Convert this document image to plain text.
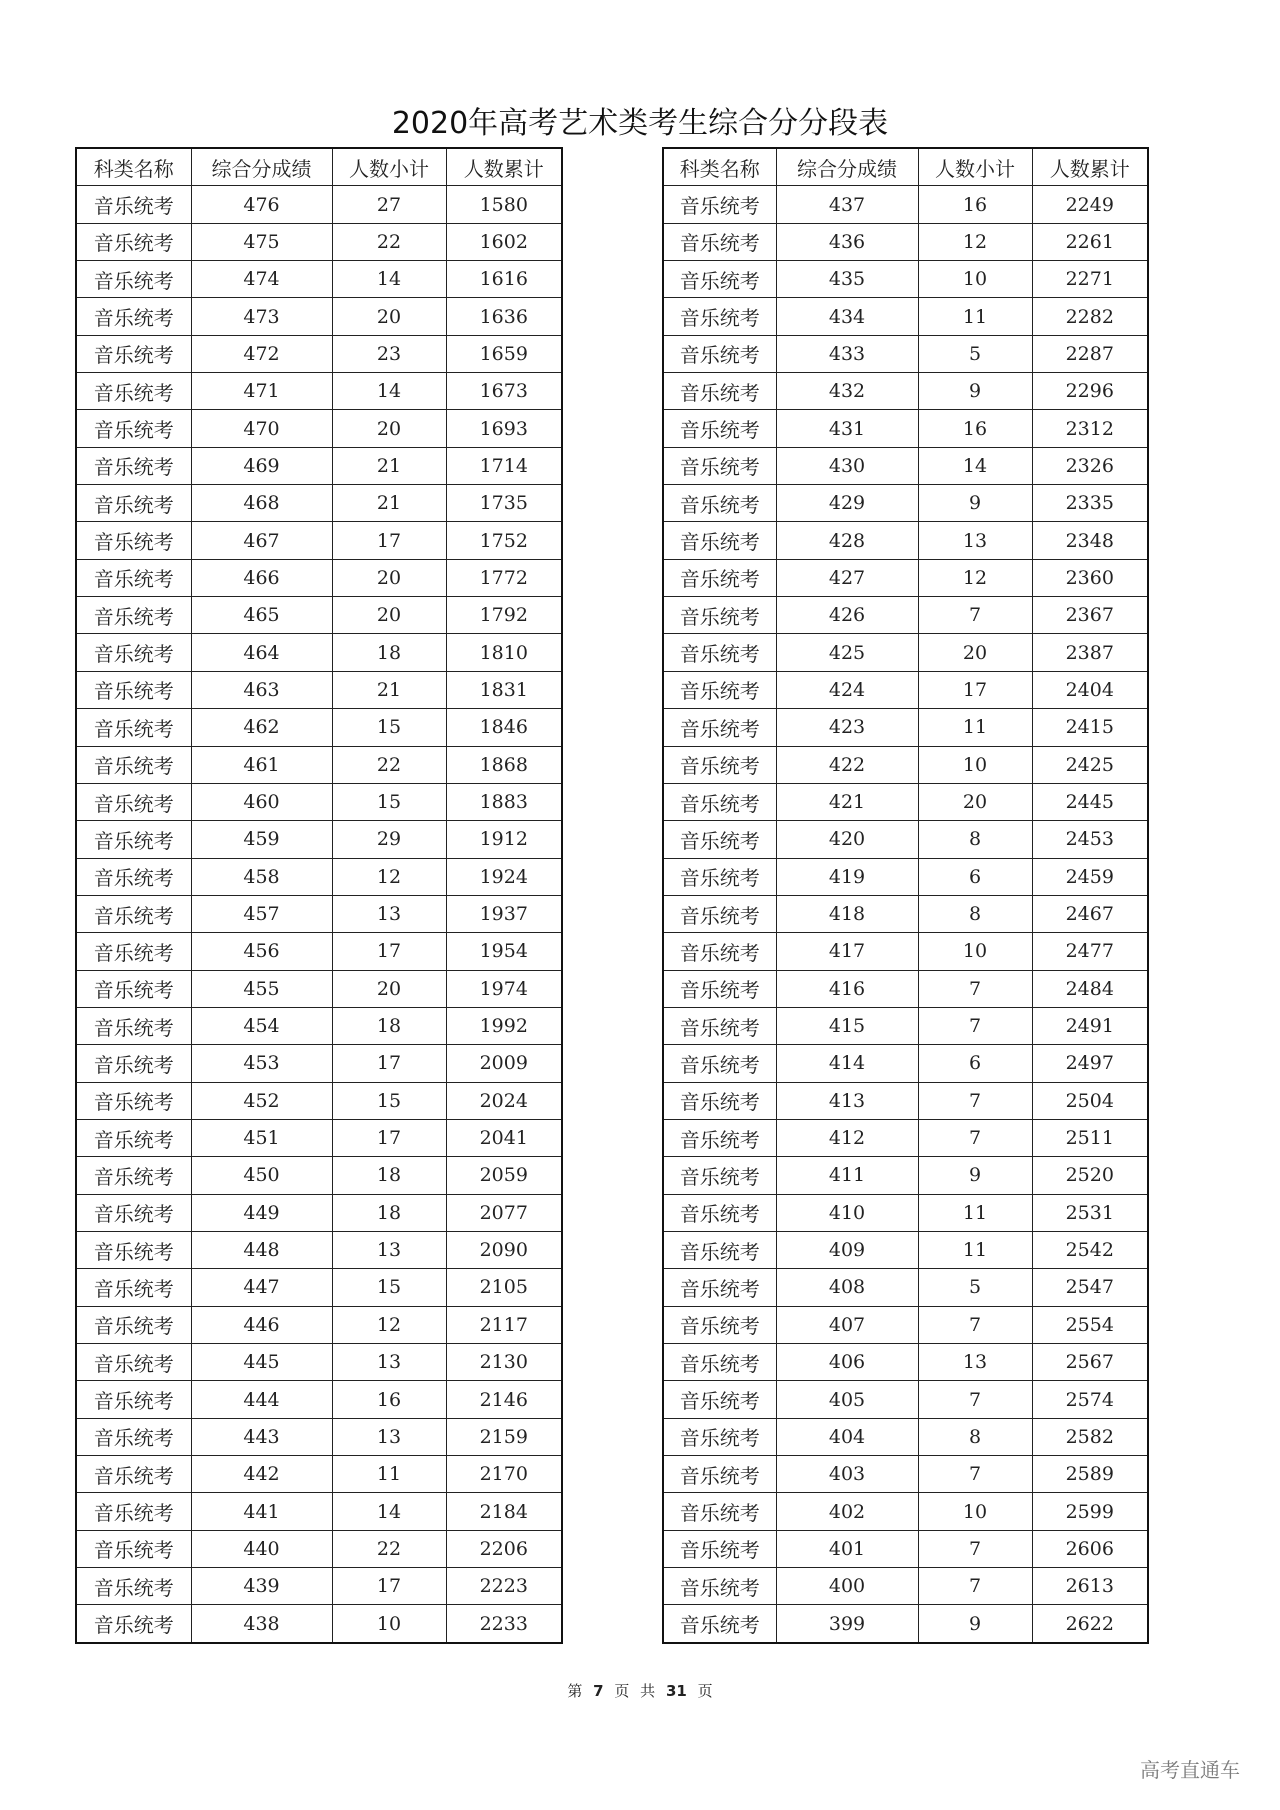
2020年高考艺术类考生综合分分段表
科类名称	综合分成绩	人数小计	人数累计
音乐统考	476	27	1580
音乐统考	475	22	1602
音乐统考	474	14	1616
音乐统考	473	20	1636
音乐统考	472	23	1659
音乐统考	471	14	1673
音乐统考	470	20	1693
音乐统考	469	21	1714
音乐统考	468	21	1735
音乐统考	467	17	1752
音乐统考	466	20	1772
音乐统考	465	20	1792
音乐统考	464	18	1810
音乐统考	463	21	1831
音乐统考	462	15	1846
音乐统考	461	22	1868
音乐统考	460	15	1883
音乐统考	459	29	1912
音乐统考	458	12	1924
音乐统考	457	13	1937
音乐统考	456	17	1954
音乐统考	455	20	1974
音乐统考	454	18	1992
音乐统考	453	17	2009
音乐统考	452	15	2024
音乐统考	451	17	2041
音乐统考	450	18	2059
音乐统考	449	18	2077
音乐统考	448	13	2090
音乐统考	447	15	2105
音乐统考	446	12	2117
音乐统考	445	13	2130
音乐统考	444	16	2146
音乐统考	443	13	2159
音乐统考	442	11	2170
音乐统考	441	14	2184
音乐统考	440	22	2206
音乐统考	439	17	2223
音乐统考	438	10	2233
科类名称	综合分成绩	人数小计	人数累计
音乐统考	437	16	2249
音乐统考	436	12	2261
音乐统考	435	10	2271
音乐统考	434	11	2282
音乐统考	433	5	2287
音乐统考	432	9	2296
音乐统考	431	16	2312
音乐统考	430	14	2326
音乐统考	429	9	2335
音乐统考	428	13	2348
音乐统考	427	12	2360
音乐统考	426	7	2367
音乐统考	425	20	2387
音乐统考	424	17	2404
音乐统考	423	11	2415
音乐统考	422	10	2425
音乐统考	421	20	2445
音乐统考	420	8	2453
音乐统考	419	6	2459
音乐统考	418	8	2467
音乐统考	417	10	2477
音乐统考	416	7	2484
音乐统考	415	7	2491
音乐统考	414	6	2497
音乐统考	413	7	2504
音乐统考	412	7	2511
音乐统考	411	9	2520
音乐统考	410	11	2531
音乐统考	409	11	2542
音乐统考	408	5	2547
音乐统考	407	7	2554
音乐统考	406	13	2567
音乐统考	405	7	2574
音乐统考	404	8	2582
音乐统考	403	7	2589
音乐统考	402	10	2599
音乐统考	401	7	2606
音乐统考	400	7	2613
音乐统考	399	9	2622
第 7 页 共 31 页
高考直通车
